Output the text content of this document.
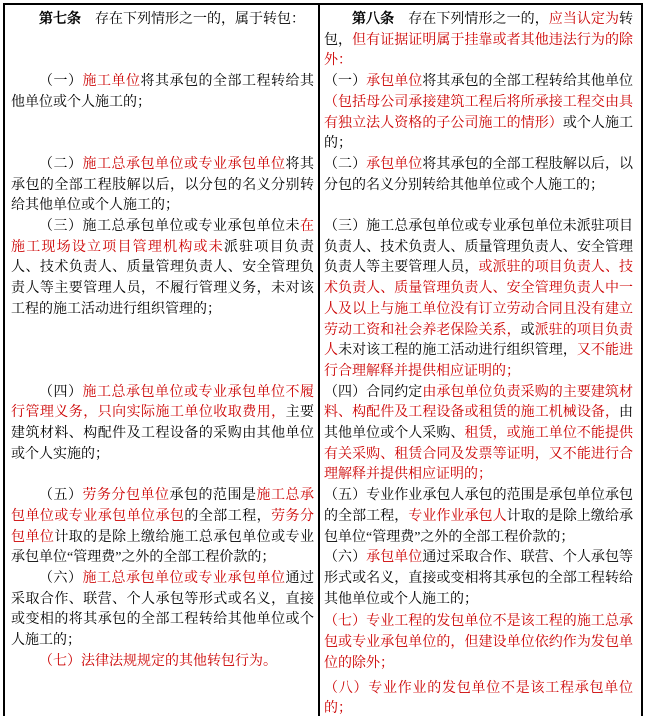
第七条　存在下列情形之一的，属于转包：

（一）施工单位将其承包的全部工程转给其他单位或个人施工的；

（二）施工总承包单位或专业承包单位将其承包的全部工程肢解以后，以分包的名义分别转给其他单位或个人施工的；

（三）施工总承包单位或专业承包单位未在施工现场设立项目管理机构或未派驻项目负责人、技术负责人、质量管理负责人、安全管理负责人等主要管理人员，不履行管理义务，未对该工程的施工活动进行组织管理的；

（四）施工总承包单位或专业承包单位不履行管理义务，只向实际施工单位收取费用，主要建筑材料、构配件及工程设备的采购由其他单位或个人实施的；

（五）劳务分包单位承包的范围是施工总承包单位或专业承包单位承包的全部工程，劳务分包单位计取的是除上缴给施工总承包单位或专业承包单位“管理费”之外的全部工程价款的；

（六）施工总承包单位或专业承包单位通过采取合作、联营、个人承包等形式或名义，直接或变相的将其承包的全部工程转给其他单位或个人施工的；

（七）法律法规规定的其他转包行为。

第八条　存在下列情形之一的，应当认定为转包，但有证据证明属于挂靠或者其他违法行为的除外：

（一）承包单位将其承包的全部工程转给其他单位（包括母公司承接建筑工程后将所承接工程交由具有独立法人资格的子公司施工的情形）或个人施工的；

（二）承包单位将其承包的全部工程肢解以后，以分包的名义分别转给其他单位或个人施工的；

（三）施工总承包单位或专业承包单位未派驻项目负责人、技术负责人、质量管理负责人、安全管理负责人等主要管理人员，或派驻的项目负责人、技术负责人、质量管理负责人、安全管理负责人中一人及以上与施工单位没有订立劳动合同且没有建立劳动工资和社会养老保险关系，或派驻的项目负责人未对该工程的施工活动进行组织管理，又不能进行合理解释并提供相应证明的；

（四）合同约定由承包单位负责采购的主要建筑材料、构配件及工程设备或租赁的施工机械设备，由其他单位或个人采购、租赁，或施工单位不能提供有关采购、租赁合同及发票等证明，又不能进行合理解释并提供相应证明的；

（五）专业作业承包人承包的范围是承包单位承包的全部工程，专业作业承包人计取的是除上缴给承包单位“管理费”之外的全部工程价款的；

（六）承包单位通过采取合作、联营、个人承包等形式或名义，直接或变相将其承包的全部工程转给其他单位或个人施工的；

（七）专业工程的发包单位不是该工程的施工总承包或专业承包单位的，但建设单位依约作为发包单位的除外；

（八）专业作业的发包单位不是该工程承包单位的；
